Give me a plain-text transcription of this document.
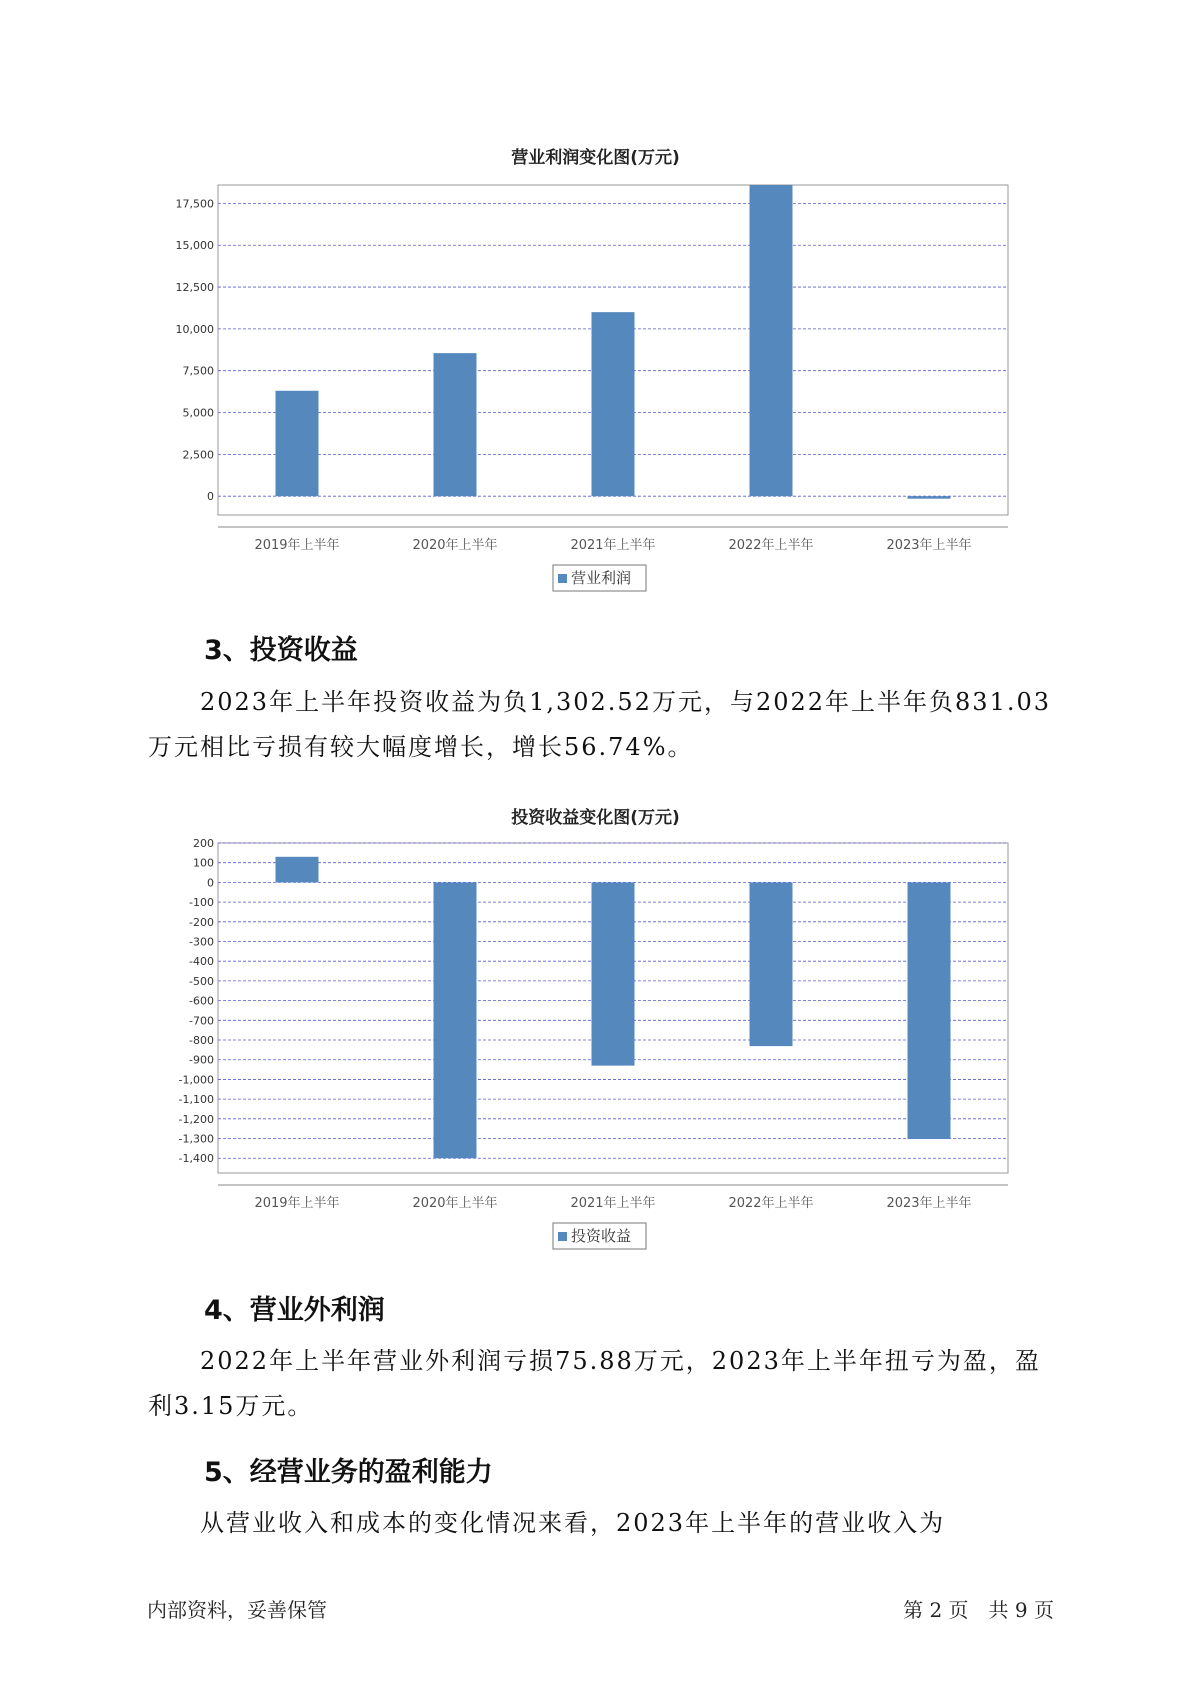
营业利润变化图(万元)
0
2,500
5,000
7,500
10,000
12,500
15,000
17,500
2019年上半年	2020年上半年	2021年上半年	2022年上半年	2023年上半年
营业利润
3、投资收益

2023年上半年投资收益为负1,302.52万元，与2022年上半年负831.03万元相比亏损有较大幅度增长，增长56.74%。

投资收益变化图(万元)
200
100
0
-100
-200
-300
-400
-500
-600
-700
-800
-900
-1,000
-1,100
-1,200
-1,300
-1,400
2019年上半年	2020年上半年	2021年上半年	2022年上半年	2023年上半年
投资收益
4、营业外利润

2022年上半年营业外利润亏损75.88万元，2023年上半年扭亏为盈，盈利3.15万元。

5、经营业务的盈利能力

从营业收入和成本的变化情况来看，2023年上半年的营业收入为

内部资料，妥善保管	第 2 页　共 9 页
